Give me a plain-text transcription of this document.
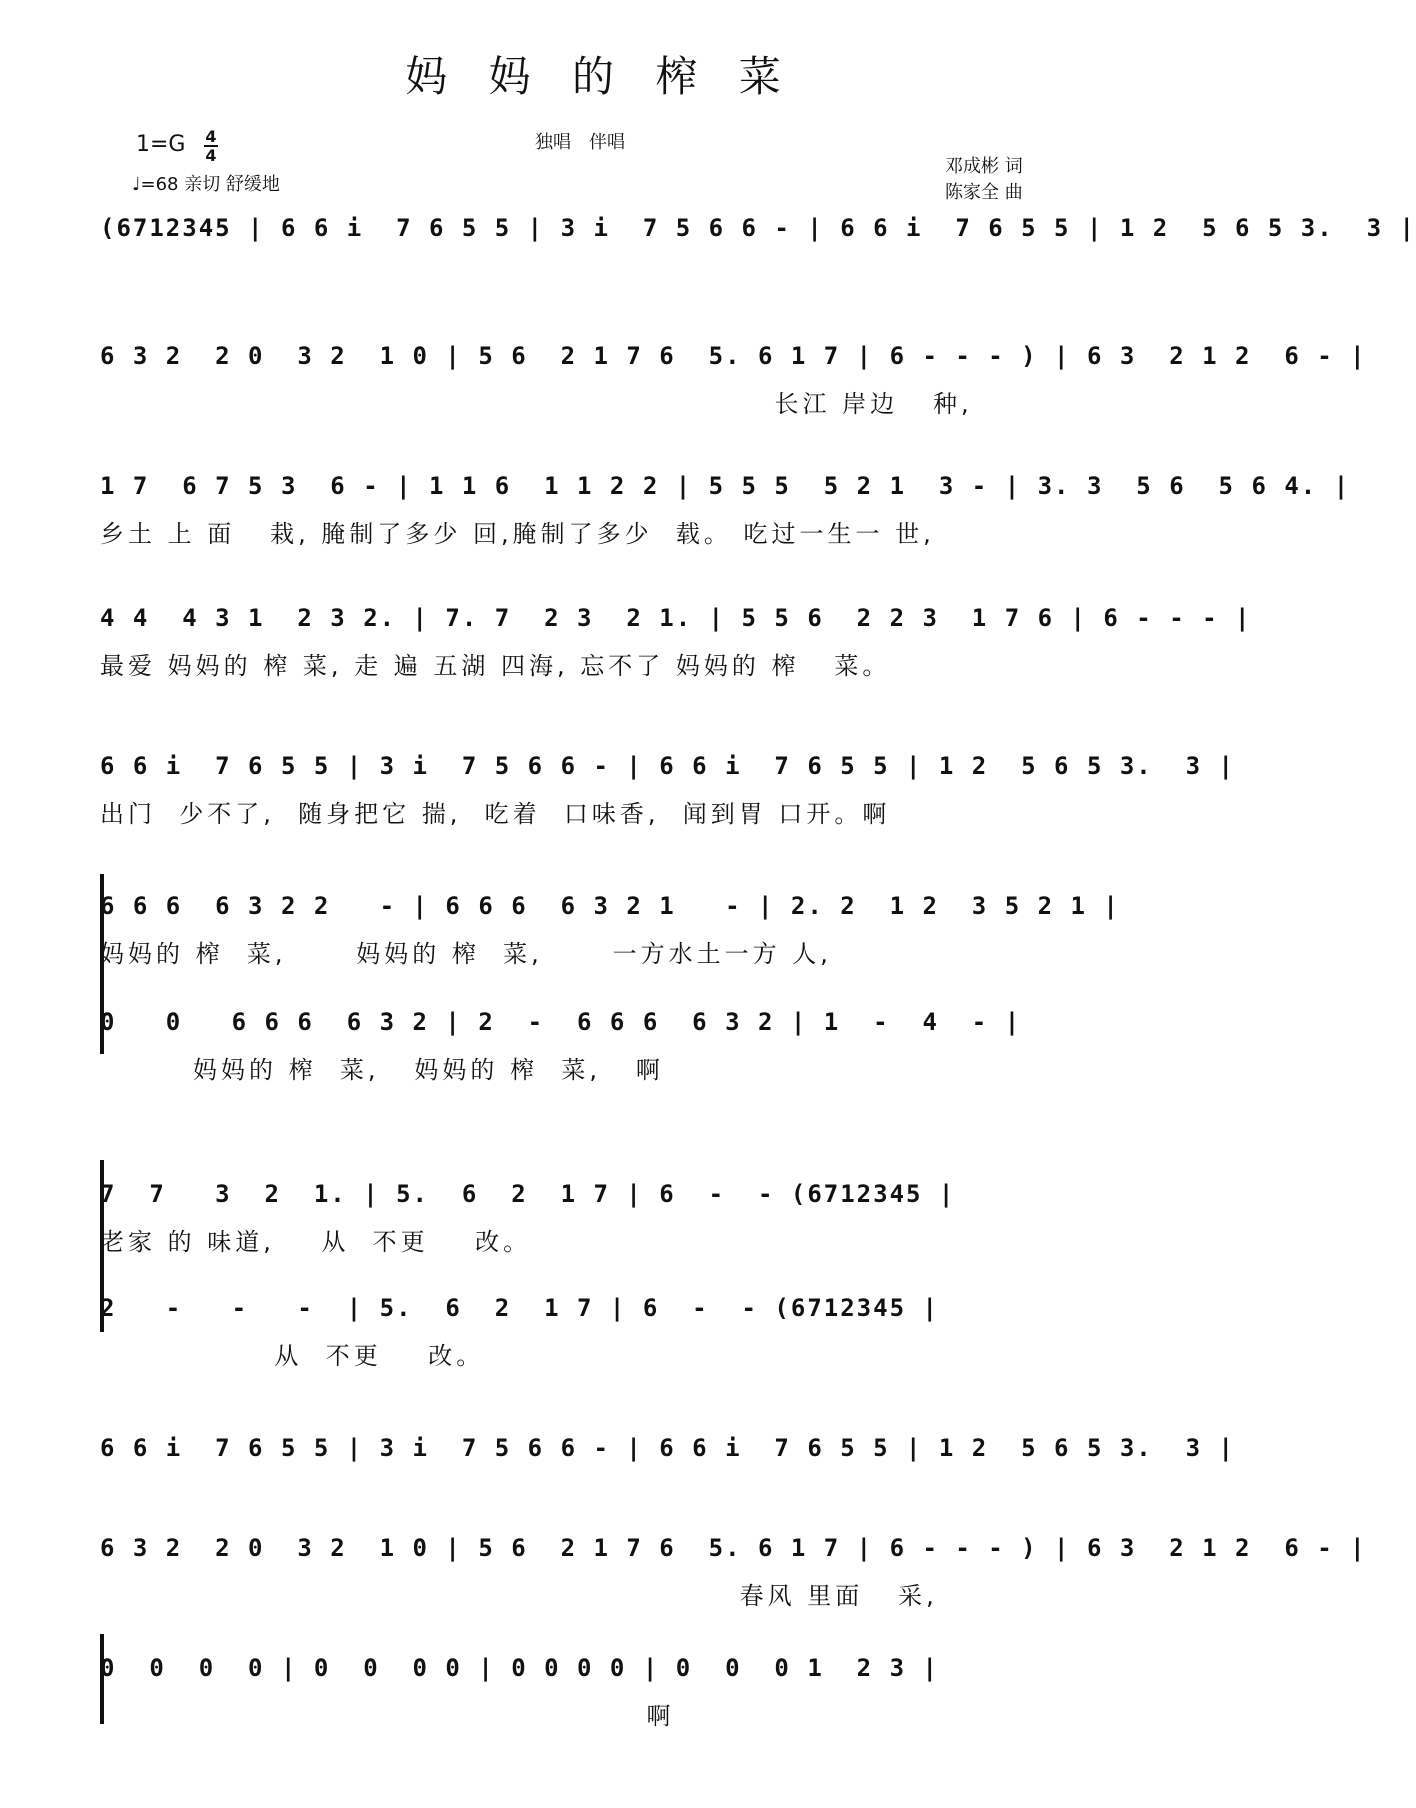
妈 妈 的 榨 菜
1=G 4
4
♩=68 亲切 舒缓地
独唱　伴唱
邓成彬 词
陈家全 曲
(6712345 | 6 6 i  7 6 5 5 | 3 i  7 5 6 6 - | 6 6 i  7 6 5 5 | 1 2  5 6 5 3.  3 |
6 3 2  2 0  3 2  1 0 | 5 6  2 1 7 6  5. 6 1 7 | 6 - - - ) | 6 3  2 1 2  6 - |
长江 岸边   种,
1 7  6 7 5 3  6 - | 1 1 6  1 1 2 2 | 5 5 5  5 2 1  3 - | 3. 3  5 6  5 6 4. |
乡土 上 面   栽, 腌制了多少 回,腌制了多少  载。 吃过一生一 世,
4 4  4 3 1  2 3 2. | 7. 7  2 3  2 1. | 5 5 6  2 2 3  1 7 6 | 6 - - - |
最爱 妈妈的 榨 菜, 走 遍 五湖 四海, 忘不了 妈妈的 榨   菜。
6 6 i  7 6 5 5 | 3 i  7 5 6 6 - | 6 6 i  7 6 5 5 | 1 2  5 6 5 3.  3 |
出门  少不了,  随身把它 揣,  吃着  口味香,  闻到胃 口开。啊
6 6 6  6 3 2 2   - | 6 6 6  6 3 2 1   - | 2. 2  1 2  3 5 2 1 |
妈妈的 榨  菜,      妈妈的 榨  菜,      一方水土一方 人,
0   0   6 6 6  6 3 2 | 2  -  6 6 6  6 3 2 | 1  -  4  - |
妈妈的 榨  菜,   妈妈的 榨  菜,   啊
7  7   3  2  1. | 5.  6  2  1 7 | 6  -  - (6712345 |
老家 的 味道,    从  不更    改。
2   -   -   -  | 5.  6  2  1 7 | 6  -  - (6712345 |
从  不更    改。
6 6 i  7 6 5 5 | 3 i  7 5 6 6 - | 6 6 i  7 6 5 5 | 1 2  5 6 5 3.  3 |
6 3 2  2 0  3 2  1 0 | 5 6  2 1 7 6  5. 6 1 7 | 6 - - - ) | 6 3  2 1 2  6 - |
春风 里面   采,
0  0  0  0 | 0  0  0 0 | 0 0 0 0 | 0  0  0 1  2 3 |
啊
